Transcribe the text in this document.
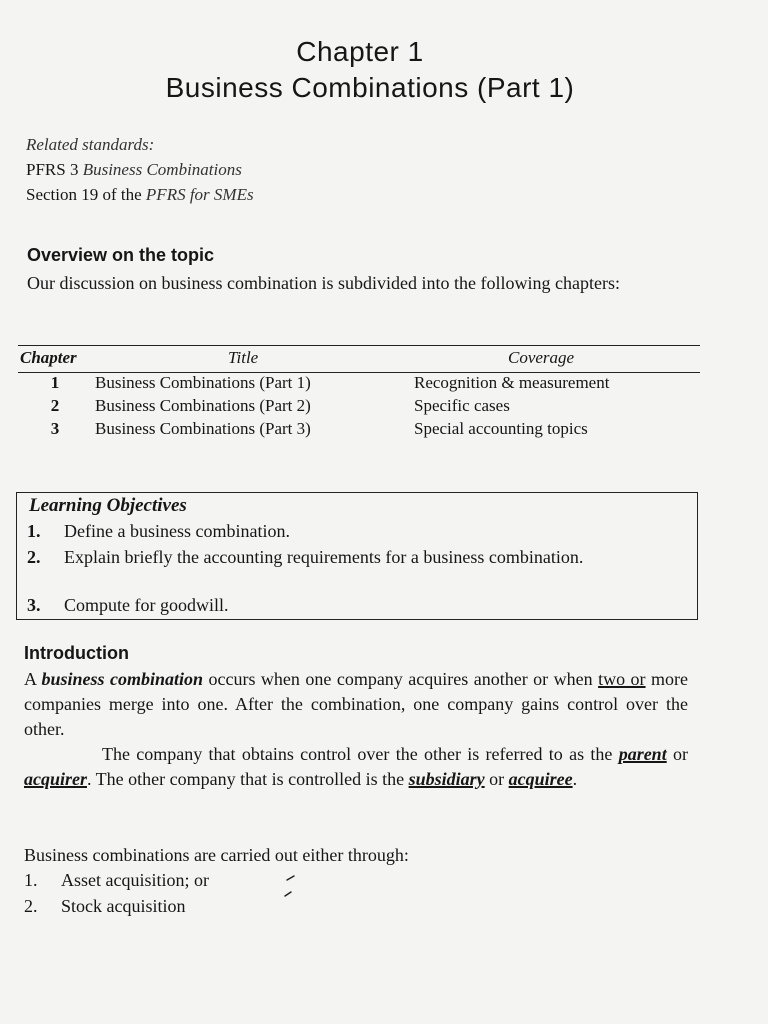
Chapter 1
Business Combinations (Part 1)
Related standards:
PFRS 3 Business Combinations
Section 19 of the PFRS for SMEs
Overview on the topic
Our discussion on business combination is subdivided into the following chapters:
Chapter	Title	Coverage
1 Business Combinations (Part 1)	Recognition & measurement
2 Business Combinations (Part 2)	Specific cases
3 Business Combinations (Part 3)	Special accounting topics
Learning Objectives
1. Define a business combination.
2. Explain briefly the accounting requirements for a business combination.
3. Compute for goodwill.
Introduction
A business combination occurs when one company acquires another or when two or more companies merge into one. After the combination, one company gains control over the other.
The company that obtains control over the other is referred to as the parent or acquirer. The other company that is controlled is the subsidiary or acquiree.
Business combinations are carried out either through:
1. Asset acquisition; or
2. Stock acquisition
